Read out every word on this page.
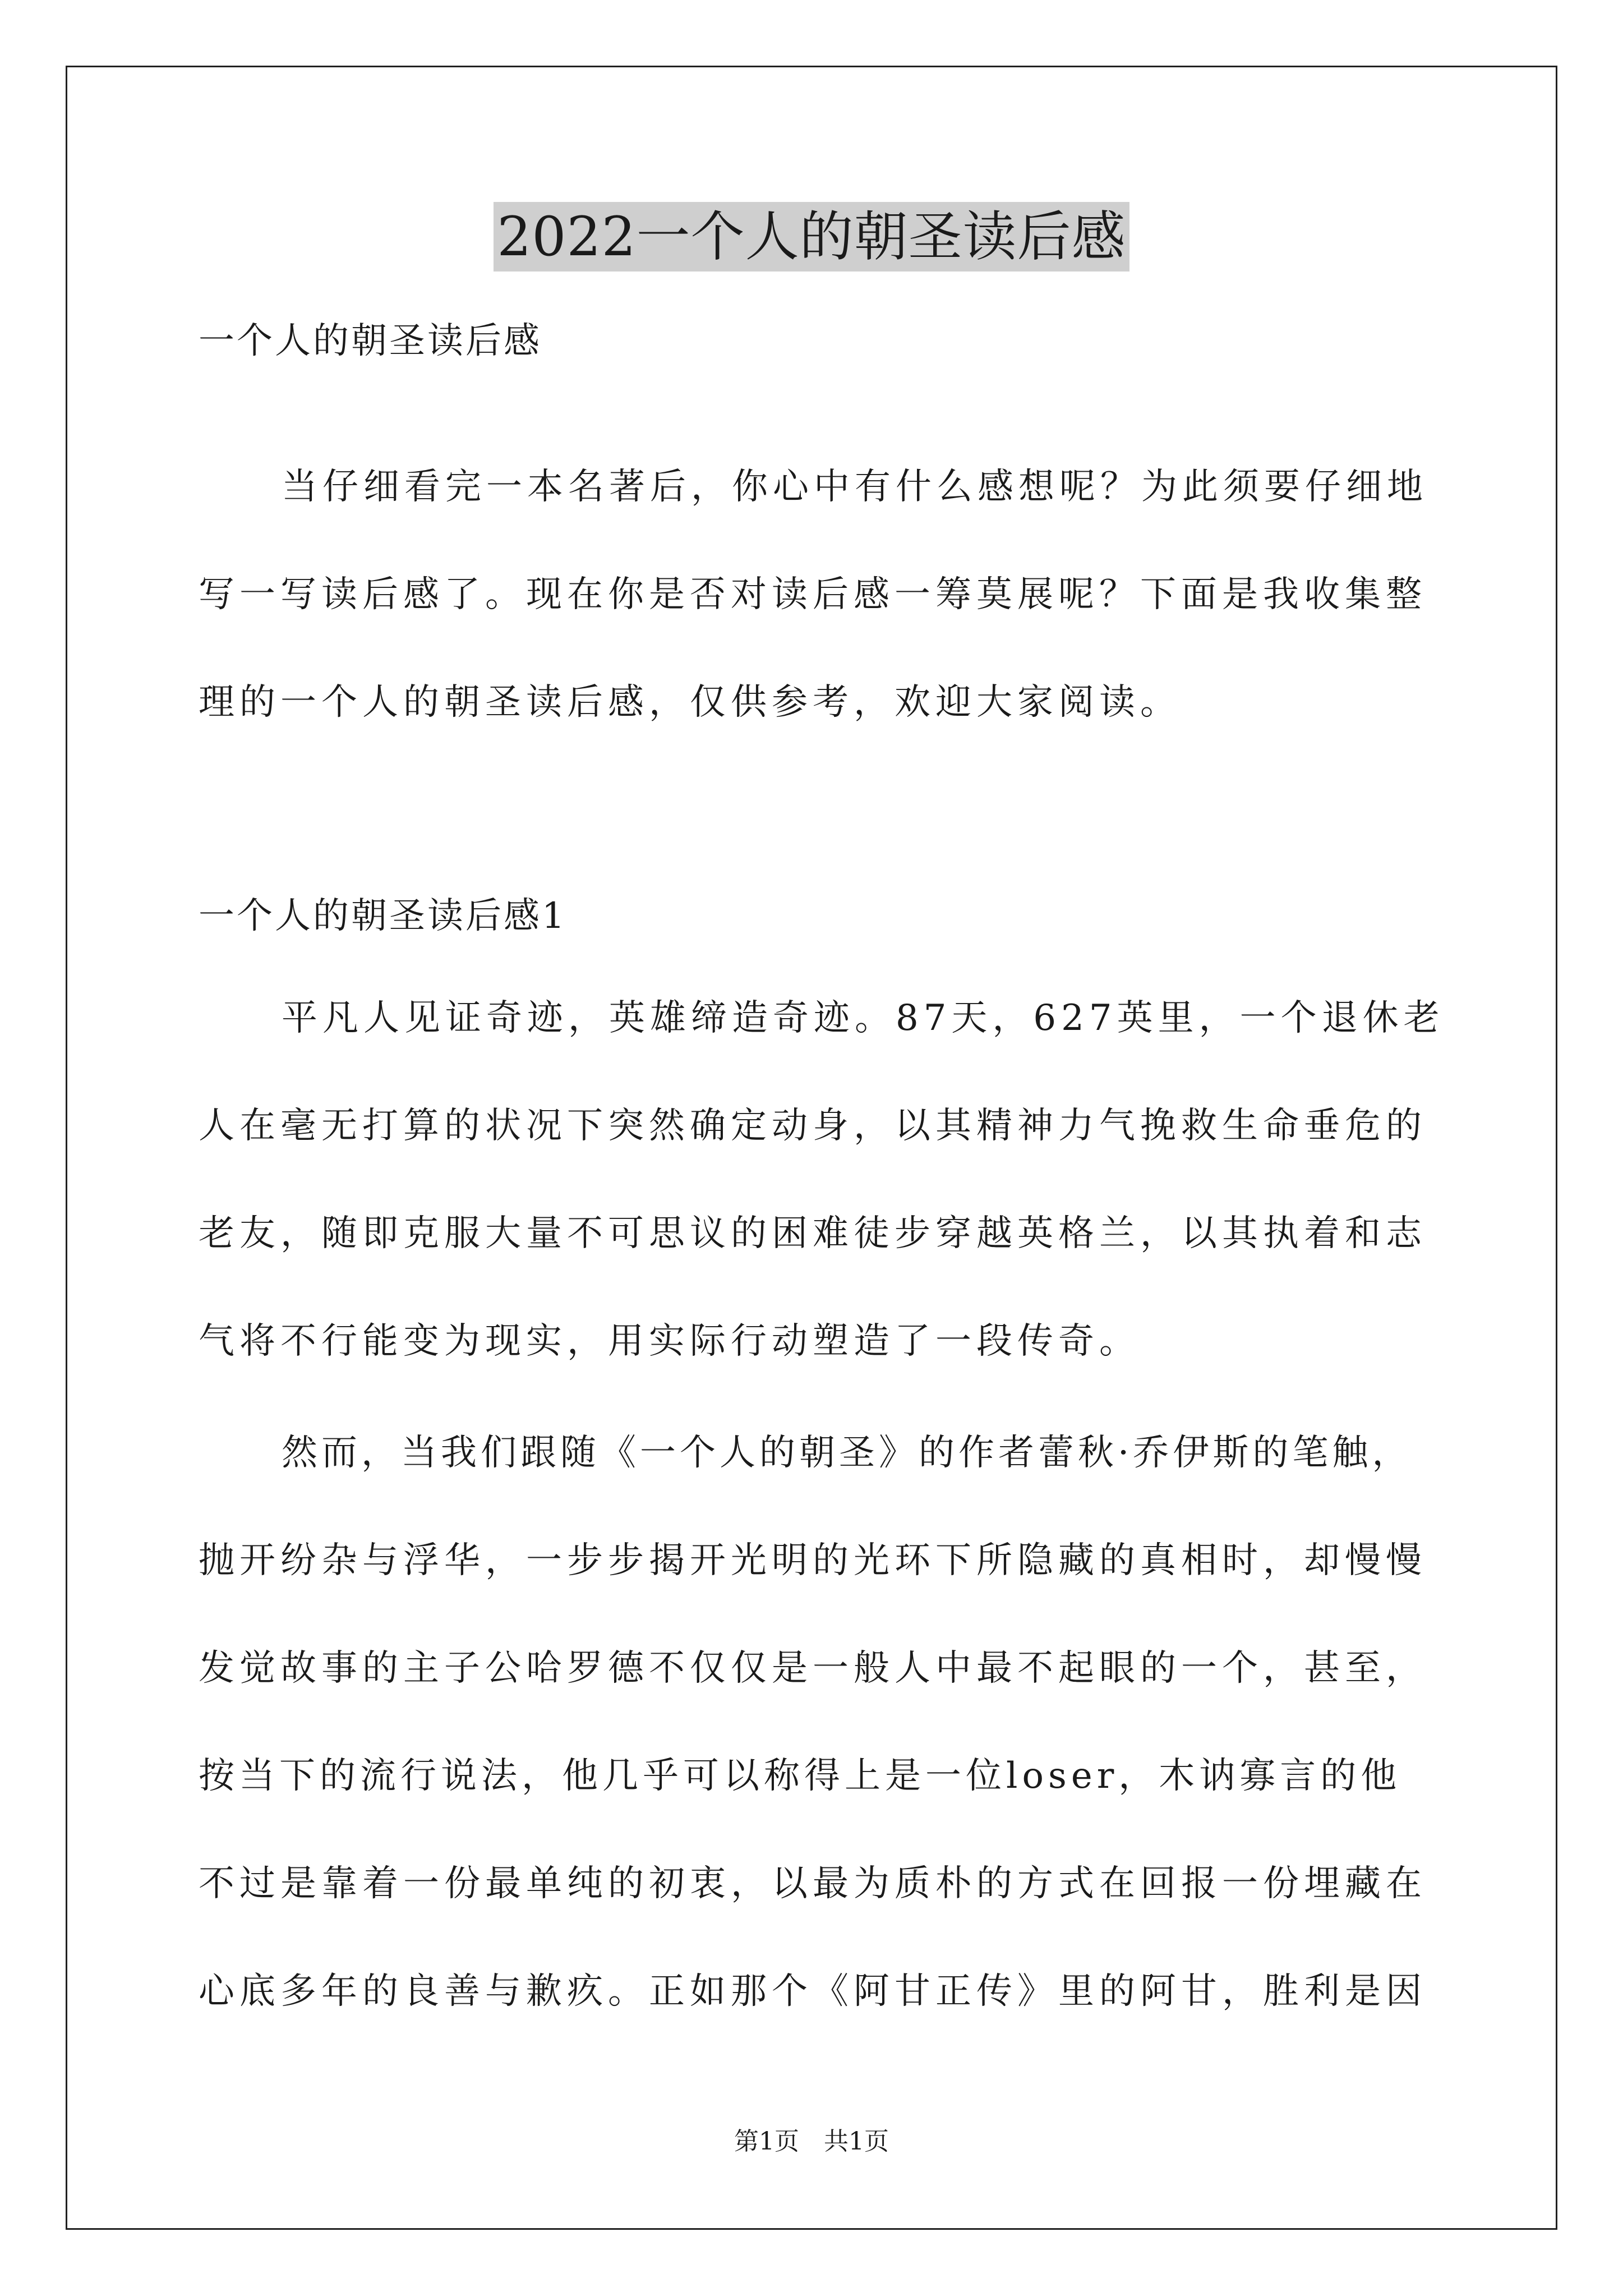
2022一个人的朝圣读后感
一个人的朝圣读后感
当仔细看完一本名著后，你心中有什么感想呢？为此须要仔细地
写一写读后感了。现在你是否对读后感一筹莫展呢？下面是我收集整
理的一个人的朝圣读后感，仅供参考，欢迎大家阅读。
一个人的朝圣读后感1
平凡人见证奇迹，英雄缔造奇迹。87天，627英里，一个退休老
人在毫无打算的状况下突然确定动身，以其精神力气挽救生命垂危的
老友，随即克服大量不可思议的困难徒步穿越英格兰，以其执着和志
气将不行能变为现实，用实际行动塑造了一段传奇。
然而，当我们跟随《一个人的朝圣》的作者蕾秋·乔伊斯的笔触，
抛开纷杂与浮华，一步步揭开光明的光环下所隐藏的真相时，却慢慢
发觉故事的主子公哈罗德不仅仅是一般人中最不起眼的一个，甚至，
按当下的流行说法，他几乎可以称得上是一位loser，木讷寡言的他
不过是靠着一份最单纯的初衷，以最为质朴的方式在回报一份埋藏在
心底多年的良善与歉疚。正如那个《阿甘正传》里的阿甘，胜利是因
第1页　共1页
